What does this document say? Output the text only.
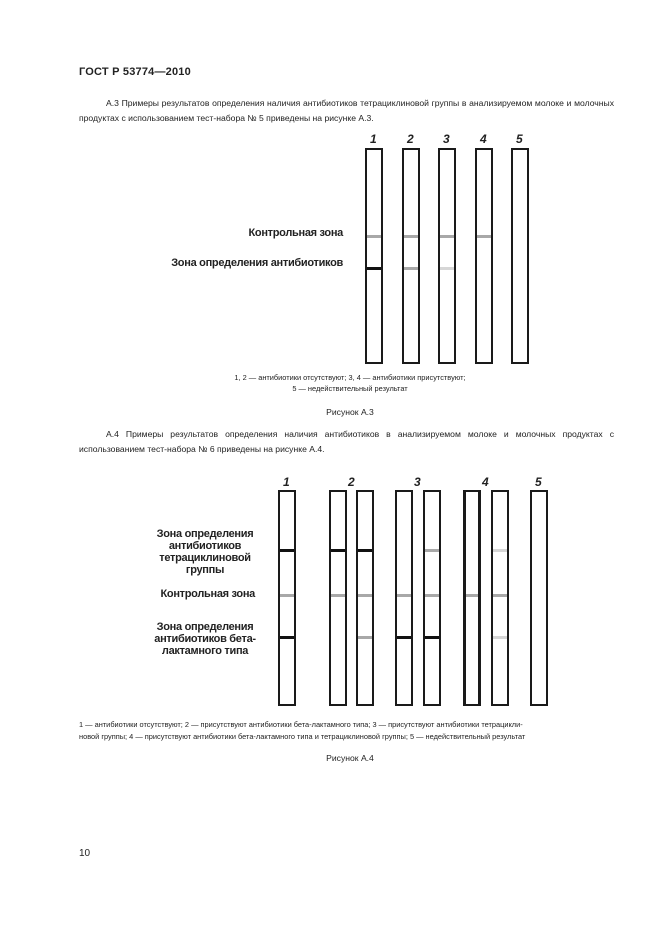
ГОСТ Р 53774—2010
А.3 Примеры результатов определения наличия антибиотиков тетрациклиновой группы в анализируемом молоке и молочных продуктах с использованием тест-набора № 5 приведены на рисунке А.3.
1	2 3	4 5
Контрольная зона
Зона определения антибиотиков
1, 2 — антибиотики отсутствуют; 3, 4 — антибиотики присутствуют;
5 — недействительный результат
Рисунок А.3
А.4 Примеры результатов определения наличия антибиотиков в анализируемом молоке и молочных продуктах с использованием тест-набора № 6 приведены на рисунке А.4.
1	2	3	4	5
Зона определения антибиотиков тетрациклиновой группы
Контрольная зона
Зона определения антибиотиков бета-лактамного типа
1 — антибиотики отсутствуют; 2 — присутствуют антибиотики бета-лактамного типа; 3 — присутствуют антибиотики тетрацикли-
новой группы; 4 — присутствуют антибиотики бета-лактамного типа и тетрациклиновой группы; 5 — недействительный результат
Рисунок А.4
10
